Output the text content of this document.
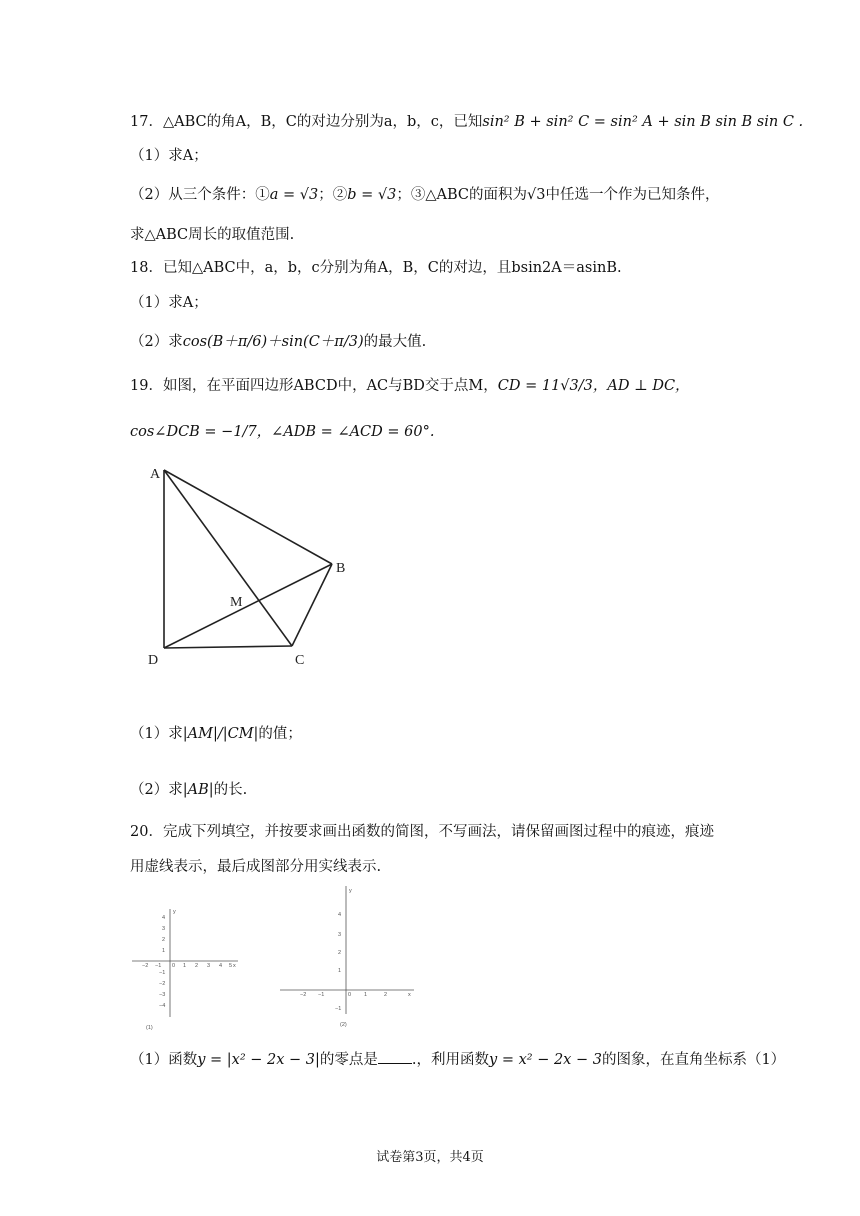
17．△ABC的角A，B，C的对边分别为a，b，c，已知sin² B + sin² C = sin² A + sin B sin B sin C .
（1）求A；
（2）从三个条件：①a = √3；②b = √3；③△ABC的面积为√3中任选一个作为已知条件，
求△ABC周长的取值范围.
18．已知△ABC中，a，b，c分别为角A，B，C的对边，且bsin2A＝asinB.
（1）求A；
（2）求cos(B＋π/6)＋sin(C＋π/3)的最大值.
19．如图，在平面四边形ABCD中，AC与BD交于点M，CD = 11√3/3，AD ⊥ DC，
cos∠DCB = −1/7，∠ADB = ∠ACD = 60°.
A
B
C
D
M
（1）求|AM|/|CM|的值；
（2）求|AB|的长.
20．完成下列填空，并按要求画出函数的简图，不写画法，请保留画图过程中的痕迹，痕迹
用虚线表示，最后成图部分用实线表示.
y
x
−2 −1 0 1 2 3 4 5
4
3
2
1
−1
−2
−3
−4
(1)
y
x
−2 −1	0 1	2
4
3
2
1
−1
(2)
（1）函数y = |x² − 2x − 3|的零点是 .，利用函数y = x² − 2x − 3的图象，在直角坐标系（1）
试卷第3页，共4页
